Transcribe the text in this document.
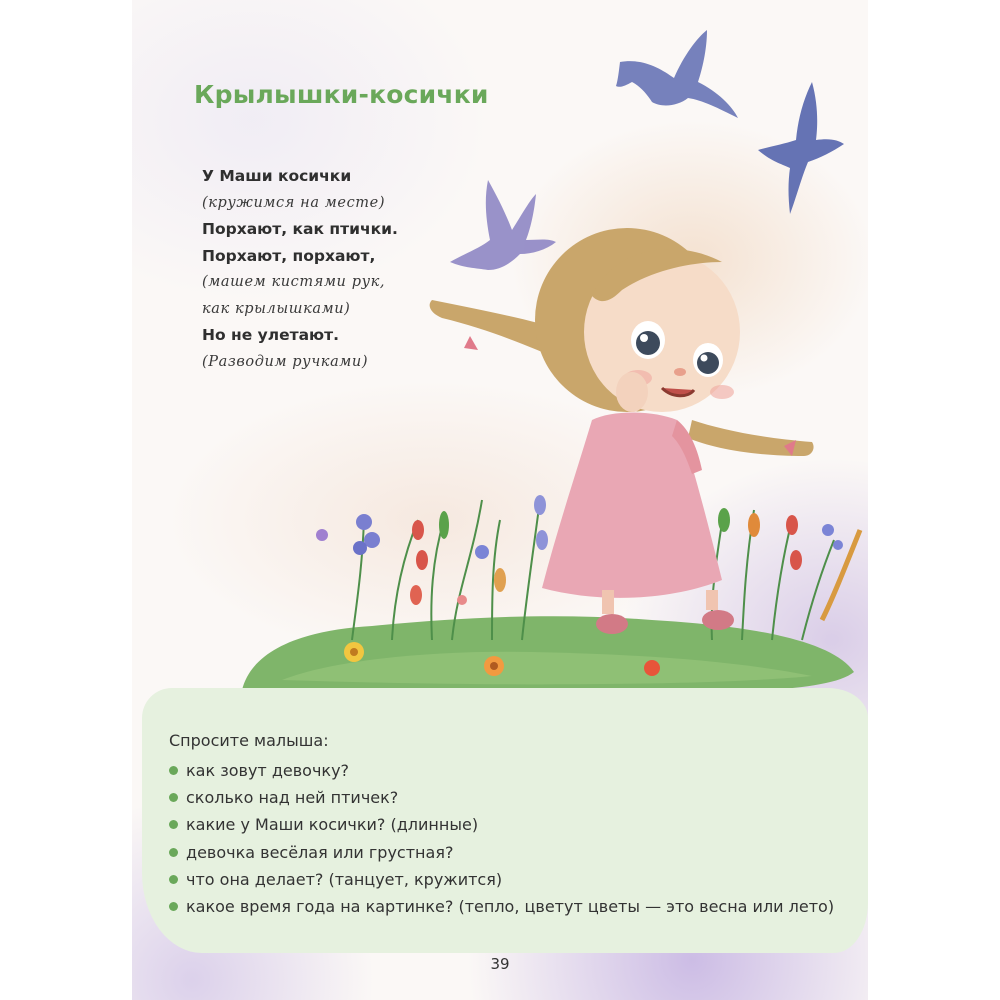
Крылышки-косички

У Маши косички

(кружимся на месте)

Порхают, как птички.

Порхают, порхают,

(машем кистями рук,

как крылышками)

Но не улетают.

(Разводим ручками)

Спросите малыша:

как зовут девочку?
сколько над ней птичек?
какие у Маши косички? (длинные)
девочка весёлая или грустная?
что она делает? (танцует, кружится)
какое время года на картинке? (тепло, цветут цветы — это весна или лето)
39
